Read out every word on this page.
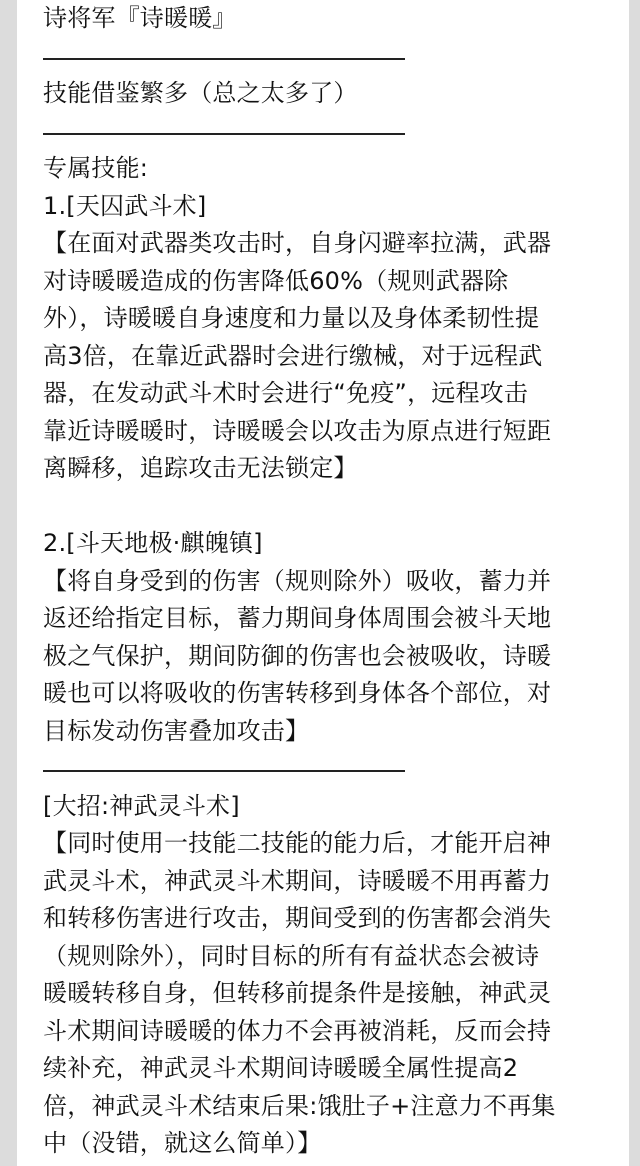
诗将军『诗暖暖』
技能借鉴繁多（总之太多了）
专属技能:
1.[天囚武斗术]
【在面对武器类攻击时，自身闪避率拉满，武器
对诗暖暖造成的伤害降低60%（规则武器除
外），诗暖暖自身速度和力量以及身体柔韧性提
高3倍，在靠近武器时会进行缴械，对于远程武
器，在发动武斗术时会进行“免疫”，远程攻击
靠近诗暖暖时，诗暖暖会以攻击为原点进行短距
离瞬移，追踪攻击无法锁定】
2.[斗天地极·麒魄镇]
【将自身受到的伤害（规则除外）吸收，蓄力并
返还给指定目标，蓄力期间身体周围会被斗天地
极之气保护，期间防御的伤害也会被吸收，诗暖
暖也可以将吸收的伤害转移到身体各个部位，对
目标发动伤害叠加攻击】
[大招:神武灵斗术]
【同时使用一技能二技能的能力后，才能开启神
武灵斗术，神武灵斗术期间，诗暖暖不用再蓄力
和转移伤害进行攻击，期间受到的伤害都会消失
（规则除外），同时目标的所有有益状态会被诗
暖暖转移自身，但转移前提条件是接触，神武灵
斗术期间诗暖暖的体力不会再被消耗，反而会持
续补充，神武灵斗术期间诗暖暖全属性提高2
倍，神武灵斗术结束后果:饿肚子+注意力不再集
中（没错，就这么简单）】
